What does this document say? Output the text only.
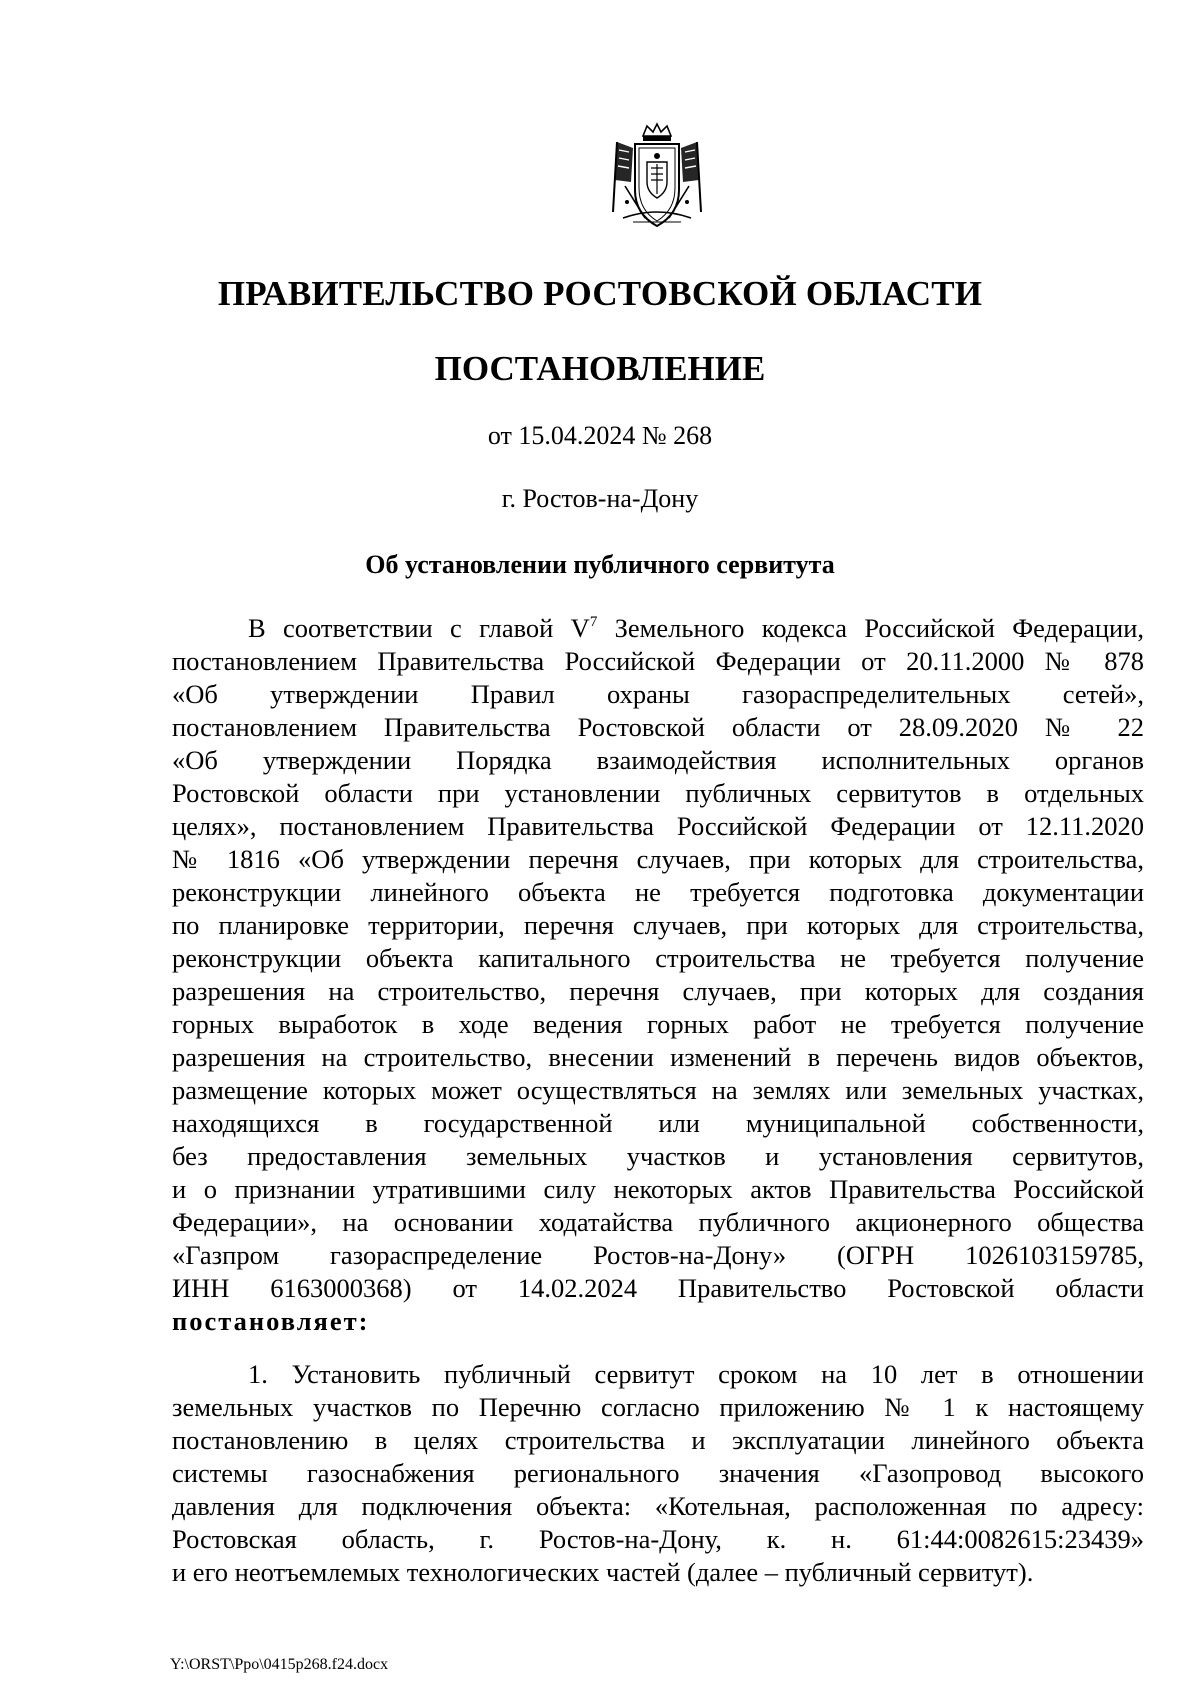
ПРАВИТЕЛЬСТВО РОСТОВСКОЙ ОБЛАСТИ
ПОСТАНОВЛЕНИЕ
от 15.04.2024 № 268
г. Ростов-на-Дону
Об установлении публичного сервитута
В соответствии с главой $V^7$ Земельного кодекса Российской Федерации,
постановлением Правительства Российской Федерации от 20.11.2000 № 878
«Об утверждении Правил охраны газораспределительных сетей»,
постановлением Правительства Ростовской области от 28.09.2020 № 22
«Об утверждении Порядка взаимодействия исполнительных органов
Ростовской области при установлении публичных сервитутов в отдельных
целях», постановлением Правительства Российской Федерации от 12.11.2020
№ 1816 «Об утверждении перечня случаев, при которых для строительства,
реконструкции линейного объекта не требуется подготовка документации
по планировке территории, перечня случаев, при которых для строительства,
реконструкции объекта капитального строительства не требуется получение
разрешения на строительство, перечня случаев, при которых для создания
горных выработок в ходе ведения горных работ не требуется получение
разрешения на строительство, внесении изменений в перечень видов объектов,
размещение которых может осуществляться на землях или земельных участках,
находящихся в государственной или муниципальной собственности,
без предоставления земельных участков и установления сервитутов,
и о признании утратившими силу некоторых актов Правительства Российской
Федерации», на основании ходатайства публичного акционерного общества
«Газпром газораспределение Ростов-на-Дону» (ОГРН 1026103159785,
ИНН 6163000368) от 14.02.2024 Правительство Ростовской области
постановляет:
1. Установить публичный сервитут сроком на 10 лет в отношении
земельных участков по Перечню согласно приложению № 1 к настоящему
постановлению в целях строительства и эксплуатации линейного объекта
системы газоснабжения регионального значения «Газопровод высокого
давления для подключения объекта: «Котельная, расположенная по адресу:
Ростовская область, г. Ростов-на-Дону, к. н. 61:44:0082615:23439»
и его неотъемлемых технологических частей (далее – публичный сервитут).
Y:\ORST\Ppo\0415p268.f24.docx
